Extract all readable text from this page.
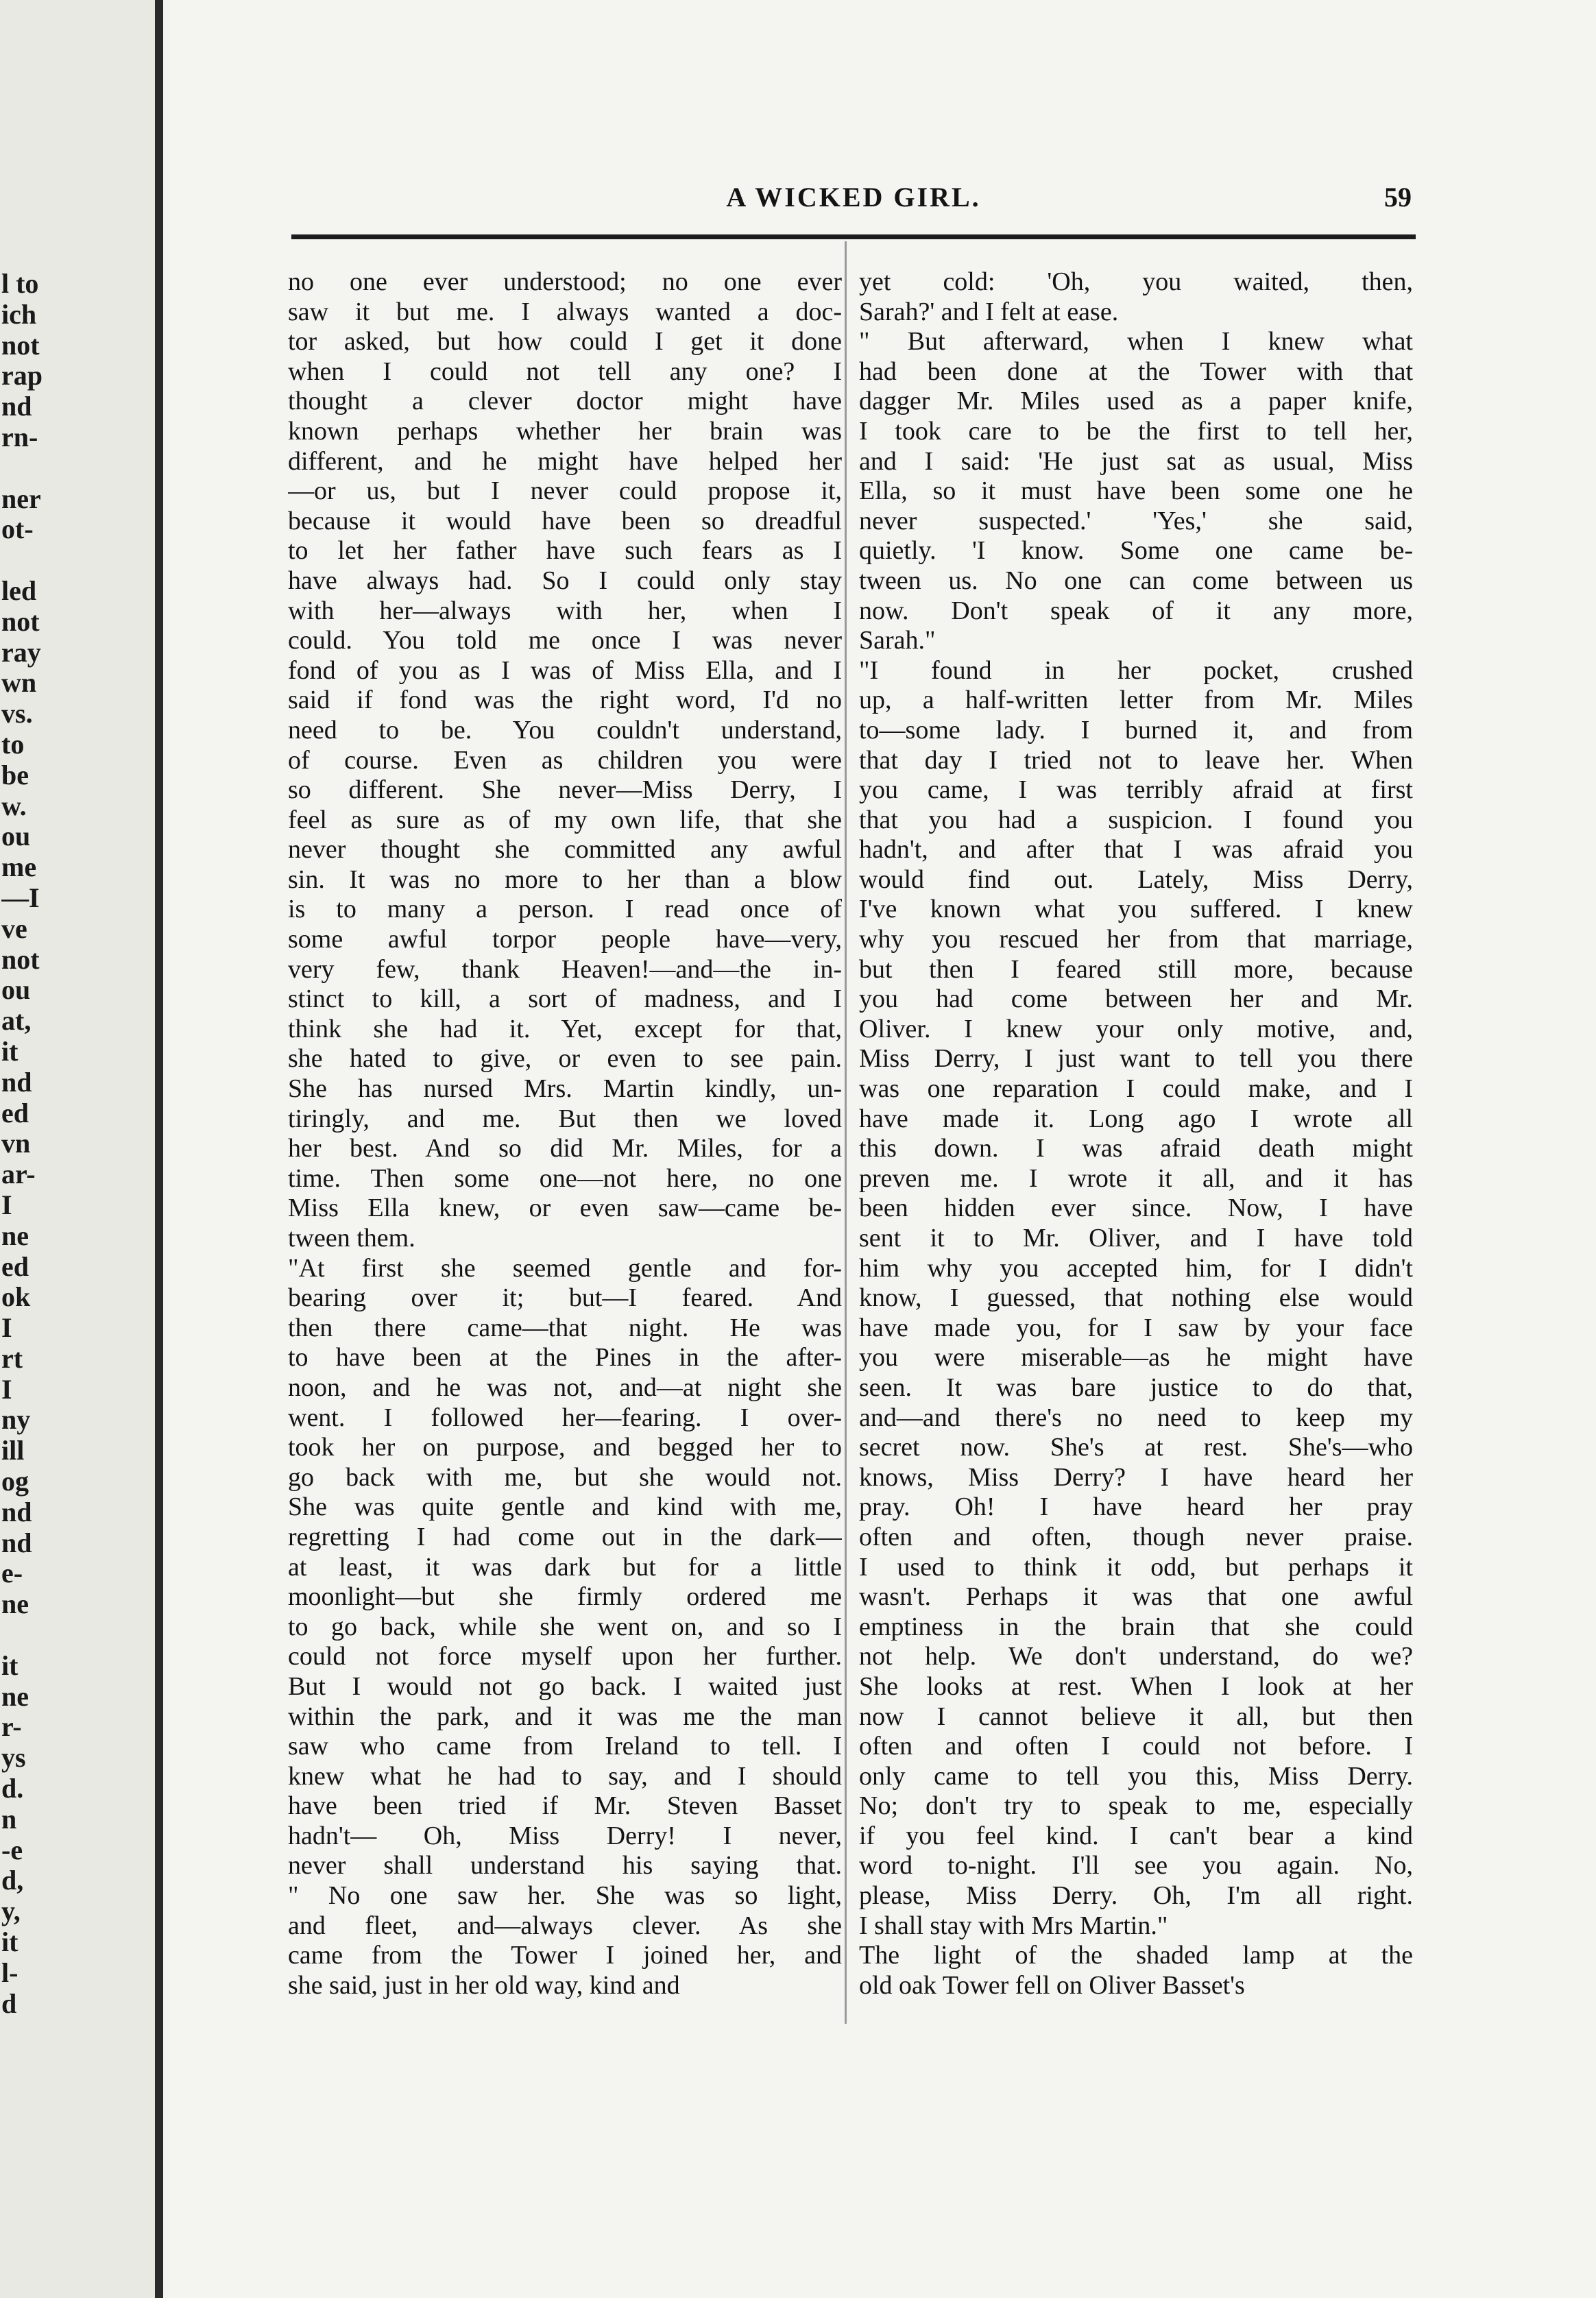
l to
ich
not
rap
nd
rn-
ner
ot-
led
not
ray
wn
vs.
to
be
w.
ou
me
—I
ve
not
ou
at,
it
nd
ed
vn
ar-
I
ne
ed
ok
I
rt
I
ny
ill
og
nd
nd
e-
ne
it
ne
r-
ys
d.
n
-e
d,
y,
it
l-
d
A WICKED GIRL.	59
no one ever understood; no one ever
saw it but me. I always wanted a doc-
tor asked, but how could I get it done
when I could not tell any one? I
thought a clever doctor might have
known perhaps whether her brain was
different, and he might have helped her
—or us, but I never could propose it,
because it would have been so dreadful
to let her father have such fears as I
have always had. So I could only stay
with her—always with her, when I
could. You told me once I was never
fond of you as I was of Miss Ella, and I
said if fond was the right word, I'd no
need to be. You couldn't understand,
of course. Even as children you were
so different. She never—Miss Derry, I
feel as sure as of my own life, that she
never thought she committed any awful
sin. It was no more to her than a blow
is to many a person. I read once of
some awful torpor people have—very,
very few, thank Heaven!—and—the in-
stinct to kill, a sort of madness, and I
think she had it. Yet, except for that,
she hated to give, or even to see pain.
She has nursed Mrs. Martin kindly, un-
tiringly, and me. But then we loved
her best. And so did Mr. Miles, for a
time. Then some one—not here, no one
Miss Ella knew, or even saw—came be-
tween them.
"At first she seemed gentle and for-
bearing over it; but—I feared. And
then there came—that night. He was
to have been at the Pines in the after-
noon, and he was not, and—at night she
went. I followed her—fearing. I over-
took her on purpose, and begged her to
go back with me, but she would not.
She was quite gentle and kind with me,
regretting I had come out in the dark—
at least, it was dark but for a little
moonlight—but she firmly ordered me
to go back, while she went on, and so I
could not force myself upon her further.
But I would not go back. I waited just
within the park, and it was me the man
saw who came from Ireland to tell. I
knew what he had to say, and I should
have been tried if Mr. Steven Basset
hadn't— Oh, Miss Derry! I never,
never shall understand his saying that.
" No one saw her. She was so light,
and fleet, and—always clever. As she
came from the Tower I joined her, and
she said, just in her old way, kind and
yet cold: 'Oh, you waited, then,
Sarah?' and I felt at ease.
" But afterward, when I knew what
had been done at the Tower with that
dagger Mr. Miles used as a paper knife,
I took care to be the first to tell her,
and I said: 'He just sat as usual, Miss
Ella, so it must have been some one he
never suspected.' 'Yes,' she said,
quietly. 'I know. Some one came be-
tween us. No one can come between us
now. Don't speak of it any more,
Sarah."
"I found in her pocket, crushed
up, a half-written letter from Mr. Miles
to—some lady. I burned it, and from
that day I tried not to leave her. When
you came, I was terribly afraid at first
that you had a suspicion. I found you
hadn't, and after that I was afraid you
would find out. Lately, Miss Derry,
I've known what you suffered. I knew
why you rescued her from that marriage,
but then I feared still more, because
you had come between her and Mr.
Oliver. I knew your only motive, and,
Miss Derry, I just want to tell you there
was one reparation I could make, and I
have made it. Long ago I wrote all
this down. I was afraid death might
preven me. I wrote it all, and it has
been hidden ever since. Now, I have
sent it to Mr. Oliver, and I have told
him why you accepted him, for I didn't
know, I guessed, that nothing else would
have made you, for I saw by your face
you were miserable—as he might have
seen. It was bare justice to do that,
and—and there's no need to keep my
secret now. She's at rest. She's—who
knows, Miss Derry? I have heard her
pray. Oh! I have heard her pray
often and often, though never praise.
I used to think it odd, but perhaps it
wasn't. Perhaps it was that one awful
emptiness in the brain that she could
not help. We don't understand, do we?
She looks at rest. When I look at her
now I cannot believe it all, but then
often and often I could not before. I
only came to tell you this, Miss Derry.
No; don't try to speak to me, especially
if you feel kind. I can't bear a kind
word to-night. I'll see you again. No,
please, Miss Derry. Oh, I'm all right.
I shall stay with Mrs Martin."
The light of the shaded lamp at the
old oak Tower fell on Oliver Basset's
